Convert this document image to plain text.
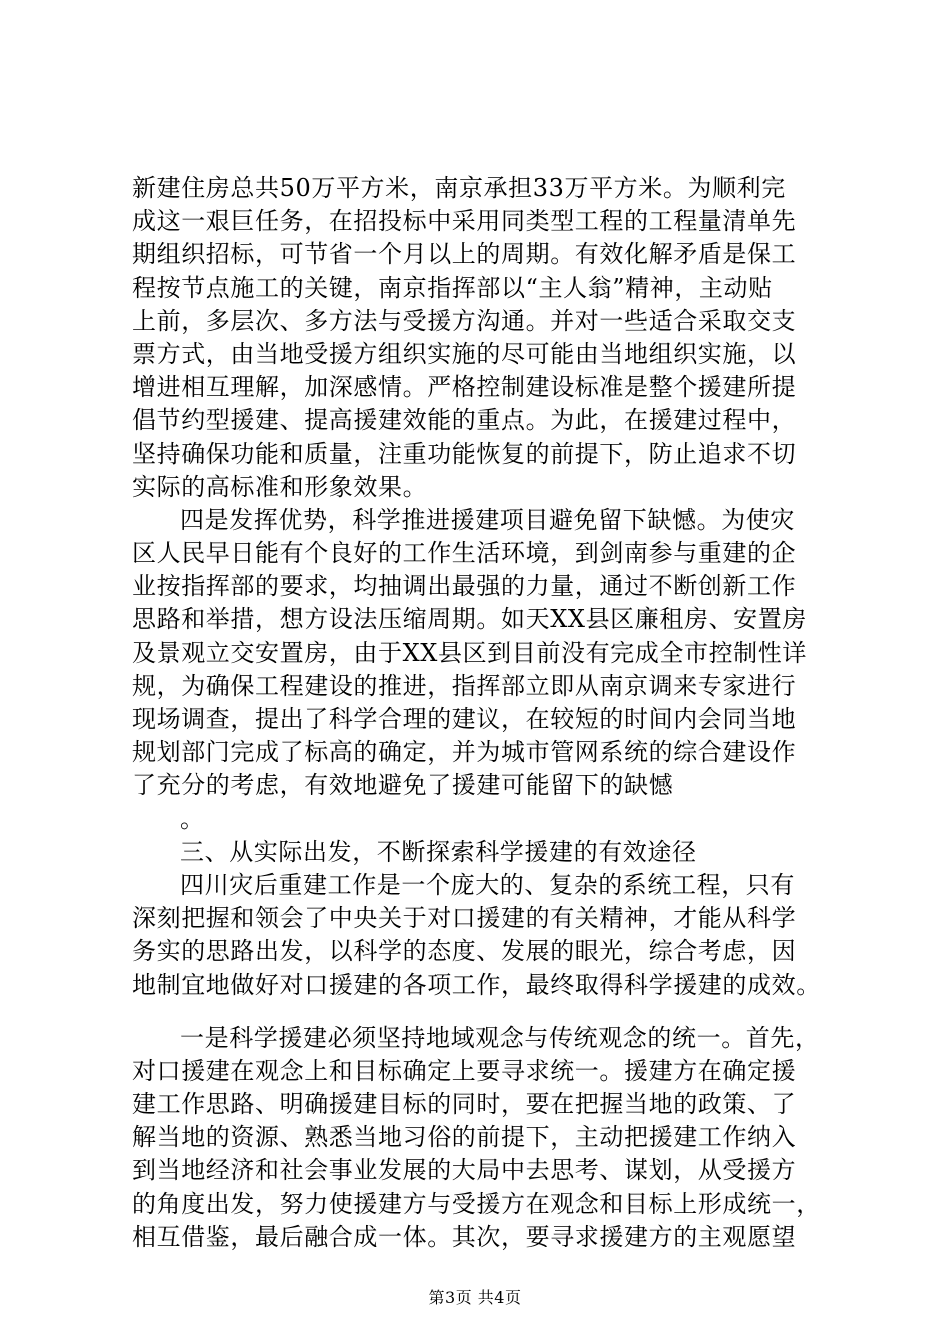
新建住房总共50万平方米，南京承担33万平方米。为顺利完
成这一艰巨任务，在招投标中采用同类型工程的工程量清单先
期组织招标，可节省一个月以上的周期。有效化解矛盾是保工
程按节点施工的关键，南京指挥部以“主人翁”精神，主动贴
上前，多层次、多方法与受援方沟通。并对一些适合采取交支
票方式，由当地受援方组织实施的尽可能由当地组织实施，以
增进相互理解，加深感情。严格控制建设标准是整个援建所提
倡节约型援建、提高援建效能的重点。为此，在援建过程中，
坚持确保功能和质量，注重功能恢复的前提下，防止追求不切
实际的高标准和形象效果。
四是发挥优势，科学推进援建项目避免留下缺憾。为使灾
区人民早日能有个良好的工作生活环境，到剑南参与重建的企
业按指挥部的要求，均抽调出最强的力量，通过不断创新工作
思路和举措，想方设法压缩周期。如天XX县区廉租房、安置房
及景观立交安置房，由于XX县区到目前没有完成全市控制性详
规，为确保工程建设的推进，指挥部立即从南京调来专家进行
现场调查，提出了科学合理的建议，在较短的时间内会同当地
规划部门完成了标高的确定，并为城市管网系统的综合建设作
了充分的考虑，有效地避免了援建可能留下的缺憾
。
三、从实际出发，不断探索科学援建的有效途径
四川灾后重建工作是一个庞大的、复杂的系统工程，只有
深刻把握和领会了中央关于对口援建的有关精神，才能从科学
务实的思路出发，以科学的态度、发展的眼光，综合考虑，因
地制宜地做好对口援建的各项工作，最终取得科学援建的成效。
一是科学援建必须坚持地域观念与传统观念的统一。首先，
对口援建在观念上和目标确定上要寻求统一。援建方在确定援
建工作思路、明确援建目标的同时，要在把握当地的政策、了
解当地的资源、熟悉当地习俗的前提下，主动把援建工作纳入
到当地经济和社会事业发展的大局中去思考、谋划，从受援方
的角度出发，努力使援建方与受援方在观念和目标上形成统一，
相互借鉴，最后融合成一体。其次，要寻求援建方的主观愿望
第3页 共4页
